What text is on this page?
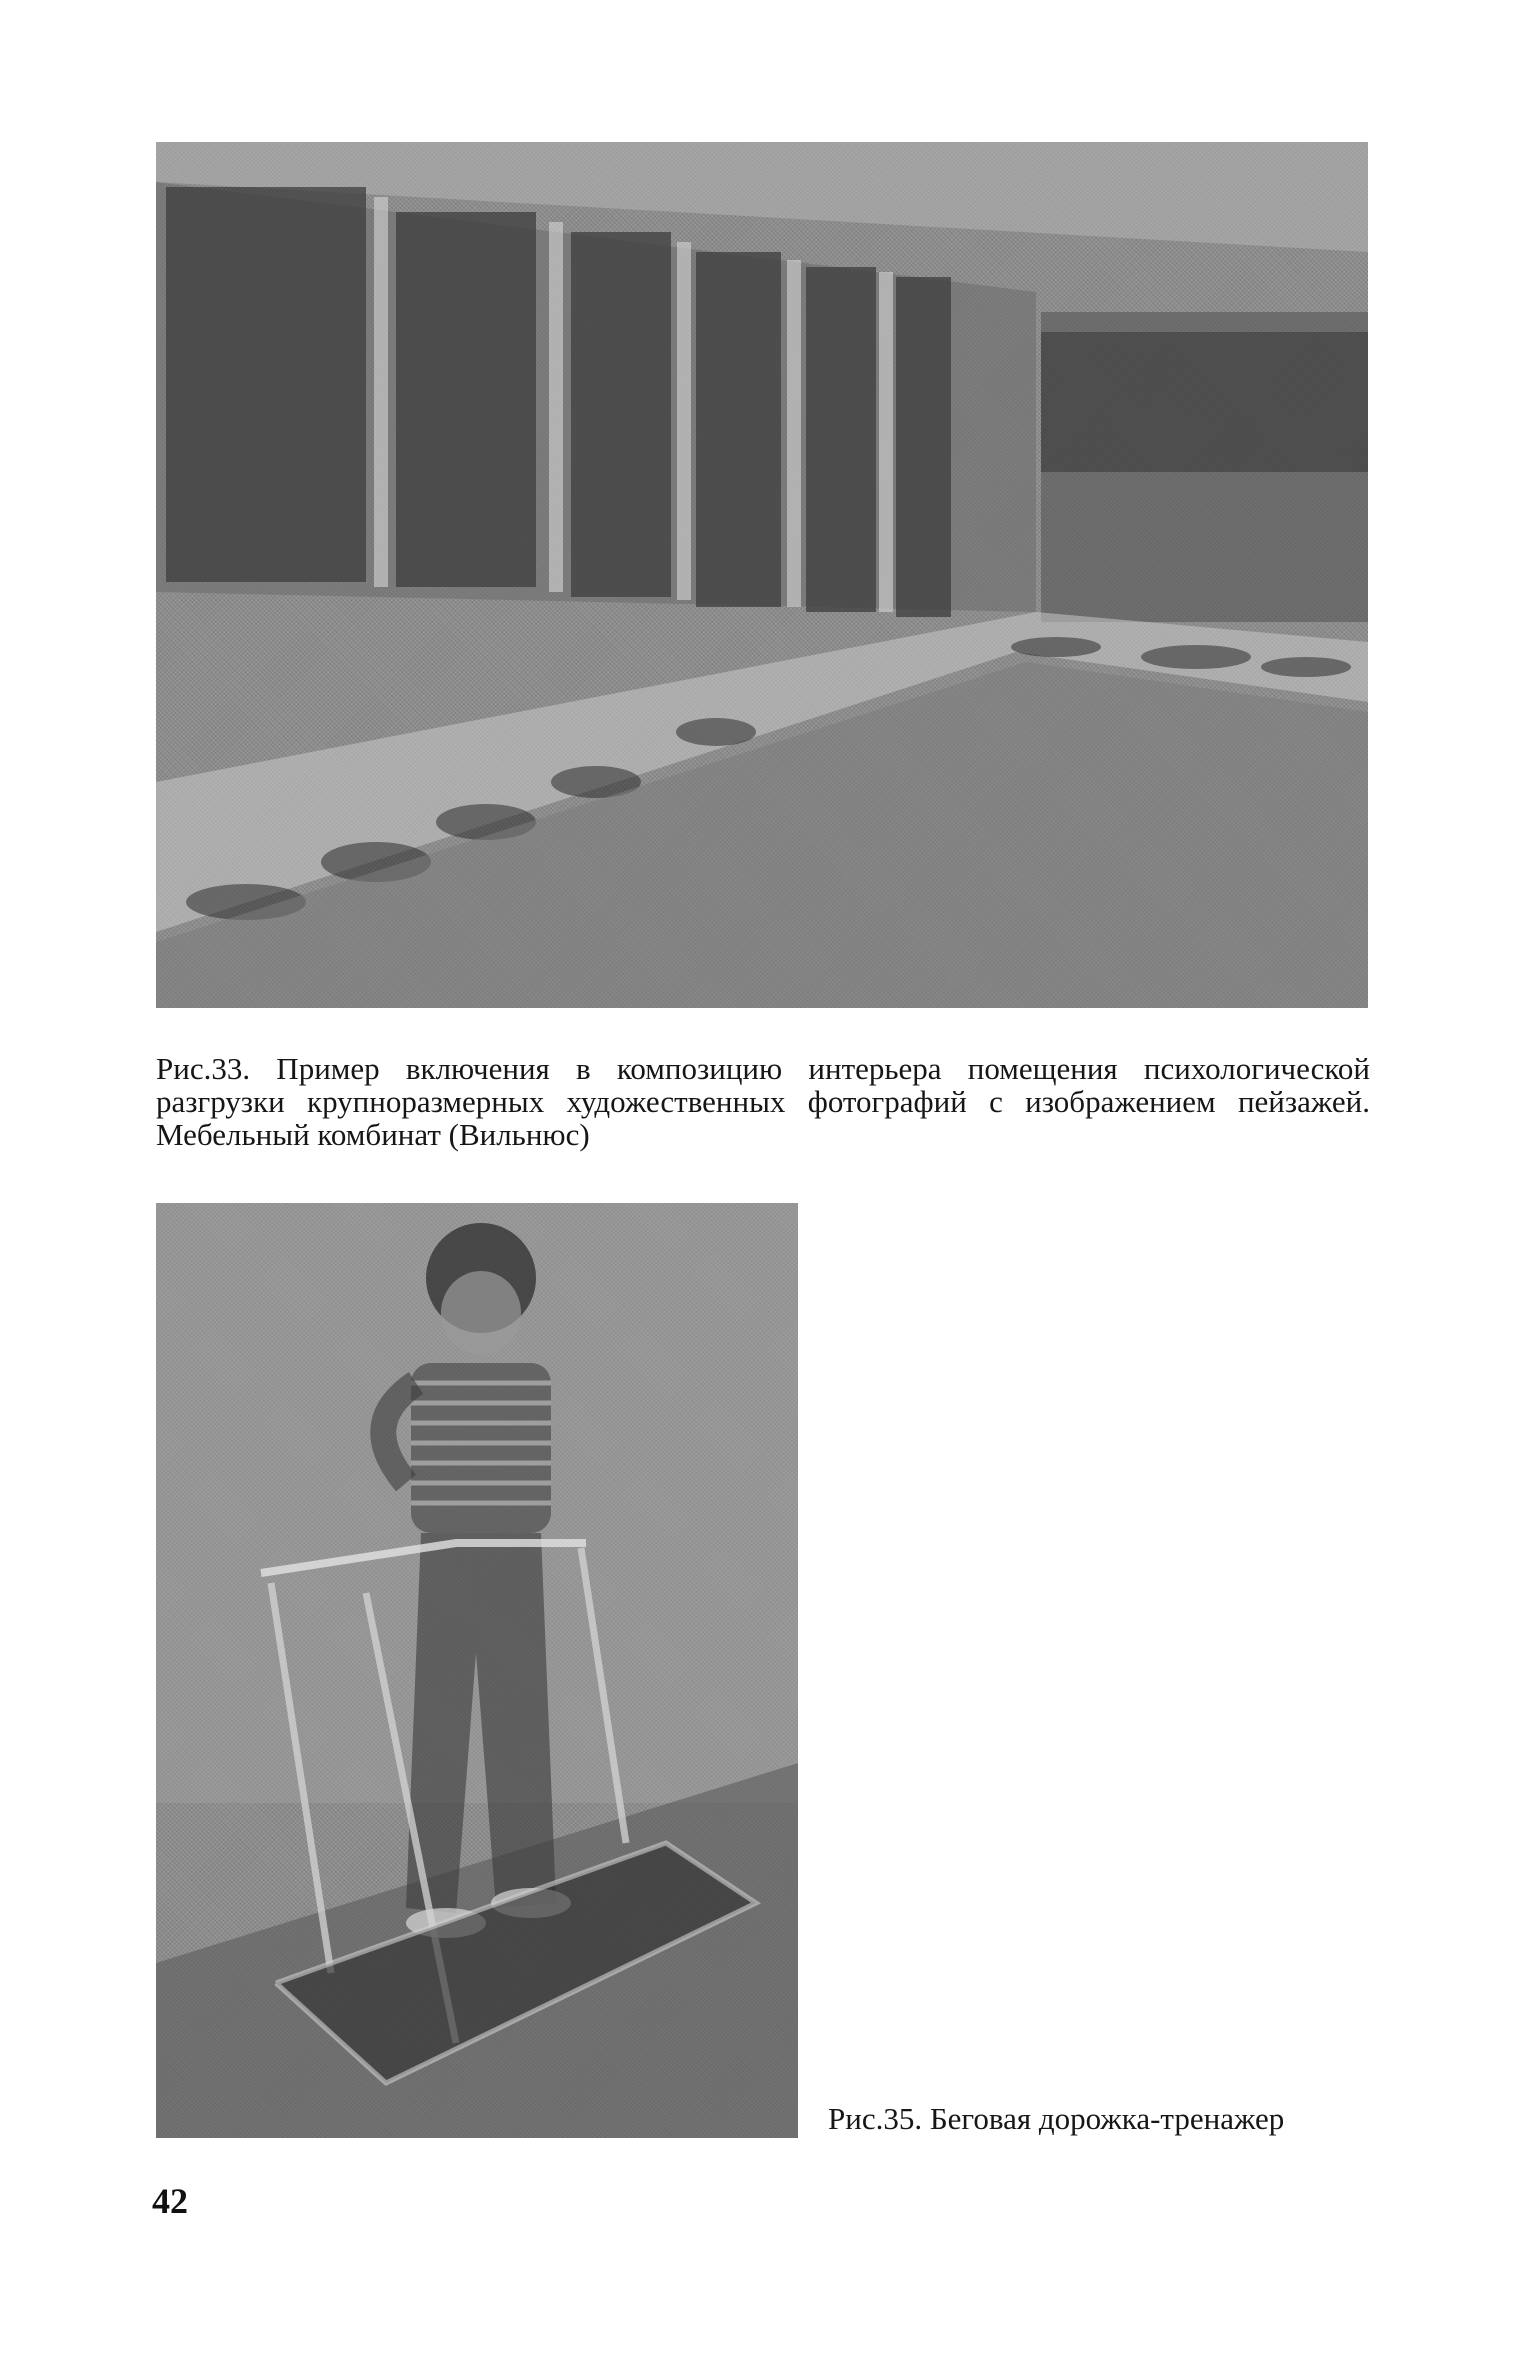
Рис.33. Пример включения в композицию интерьера помещения психологической разгрузки крупноразмерных художественных фотографий с изображением пейзажей. Мебельный комбинат (Вильнюс)
Рис.35. Беговая дорожка-тренажер
42
